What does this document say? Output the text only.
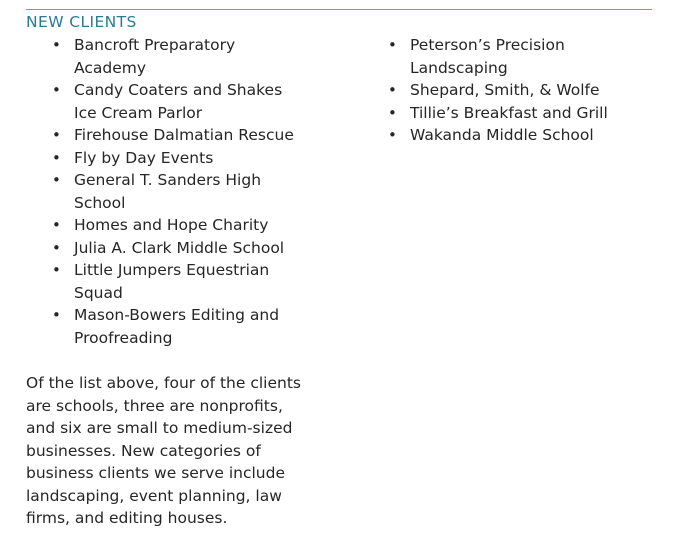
NEW CLIENTS
• Bancroft Preparatory Academy
• Candy Coaters and Shakes Ice Cream Parlor
• Firehouse Dalmatian Rescue
• Fly by Day Events
• General T. Sanders High School
• Homes and Hope Charity
• Julia A. Clark Middle School
• Little Jumpers Equestrian Squad
• Mason-Bowers Editing and Proofreading
• Peterson’s Precision Landscaping
• Shepard, Smith, & Wolfe
• Tillie’s Breakfast and Grill
• Wakanda Middle School

Of the list above, four of the clients are schools, three are nonprofits, and six are small to medium-sized businesses. New categories of business clients we serve include landscaping, event planning, law firms, and editing houses.
